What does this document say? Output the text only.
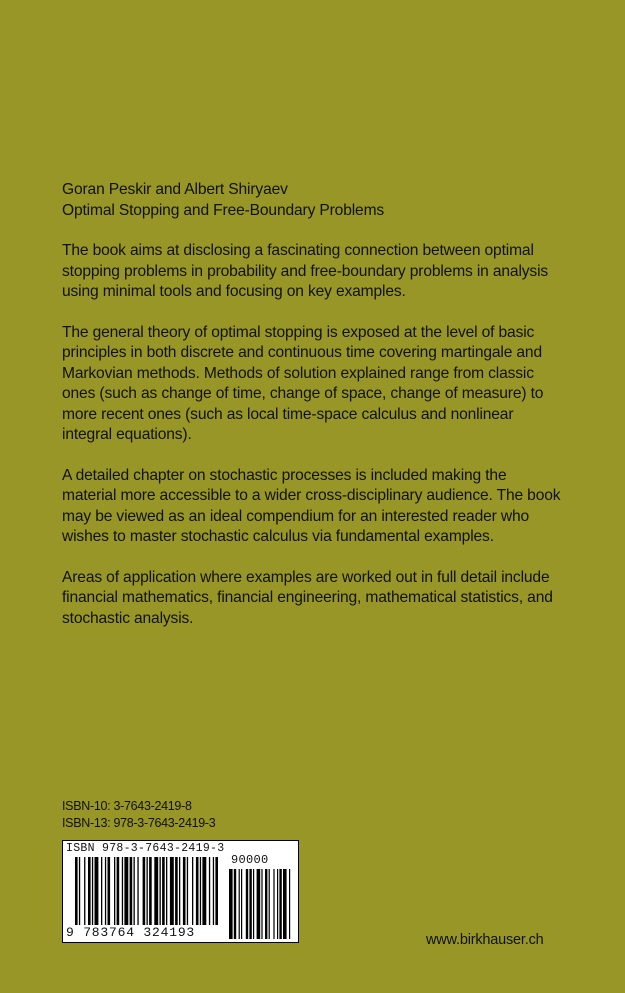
Goran Peskir and Albert Shiryaev
Optimal Stopping and Free-Boundary Problems

The book aims at disclosing a fascinating connection between optimal stopping problems in probability and free-boundary problems in analysis using minimal tools and focusing on key examples.

The general theory of optimal stopping is exposed at the level of basic principles in both discrete and continuous time covering martingale and Markovian methods. Methods of solution explained range from classic ones (such as change of time, change of space, change of measure) to more recent ones (such as local time-space calculus and nonlinear integral equations).

A detailed chapter on stochastic processes is included making the material more accessible to a wider cross-disciplinary audience. The book may be viewed as an ideal compendium for an interested reader who wishes to master stochastic calculus via fundamental examples.

Areas of application where examples are worked out in full detail include financial mathematics, financial engineering, mathematical statistics, and stochastic analysis.

ISBN-10: 3-7643-2419-8
ISBN-13: 978-3-7643-2419-3
ISBN 978-3-7643-2419-3
90000
9 783764 324193	www.birkhauser.ch
